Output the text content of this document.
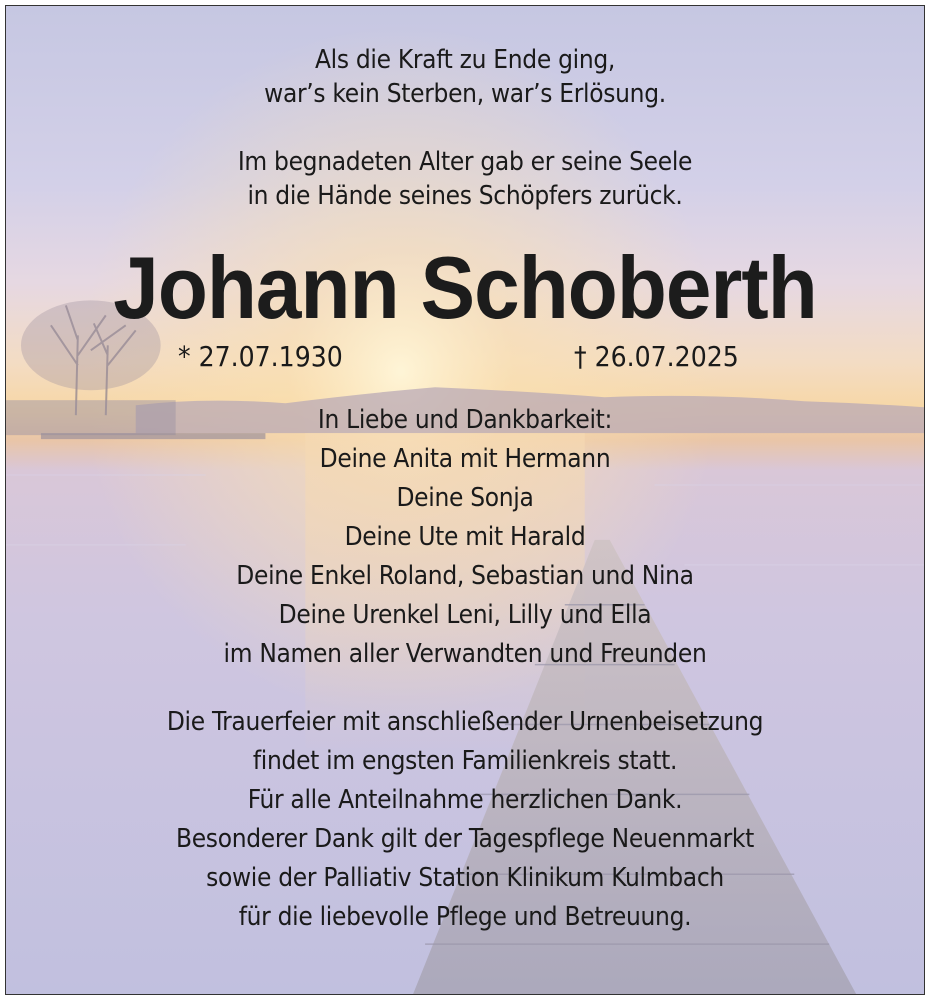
Als die Kraft zu Ende ging,
war’s kein Sterben, war’s Erlösung.
Im begnadeten Alter gab er seine Seele
in die Hände seines Schöpfers zurück.
Johann Schoberth
* 27.07.1930	† 26.07.2025
In Liebe und Dankbarkeit:
Deine Anita mit Hermann
Deine Sonja
Deine Ute mit Harald
Deine Enkel Roland, Sebastian und Nina
Deine Urenkel Leni, Lilly und Ella
im Namen aller Verwandten und Freunden
Die Trauerfeier mit anschließender Urnenbeisetzung
findet im engsten Familienkreis statt.
Für alle Anteilnahme herzlichen Dank.
Besonderer Dank gilt der Tagespflege Neuenmarkt
sowie der Palliativ Station Klinikum Kulmbach
für die liebevolle Pflege und Betreuung.
